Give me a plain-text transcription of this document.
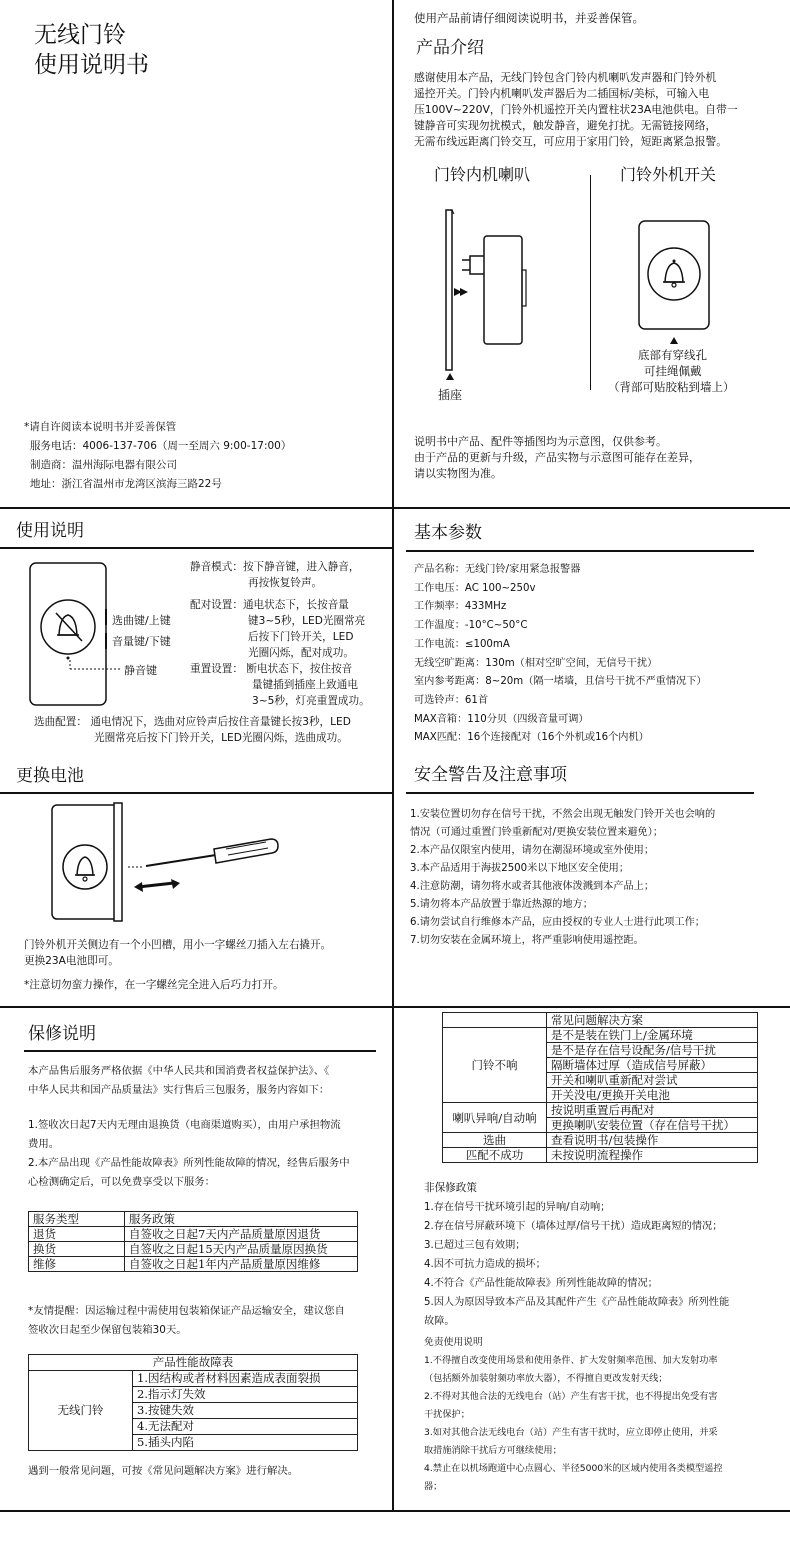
无线门铃
使用说明书
*请自许阅读本说明书并妥善保管
服务电话：4006-137-706（周一至周六 9:00-17:00）
制造商：温州海际电器有限公司
地址：浙江省温州市龙湾区滨海三路22号
使用产品前请仔细阅读说明书，并妥善保管。
产品介绍
感谢使用本产品，无线门铃包含门铃内机喇叭发声器和门铃外机
遥控开关。门铃内机喇叭发声器后为二插国标/美标，可输入电
压100V~220V，门铃外机遥控开关内置柱状23A电池供电。自带一
键静音可实现勿扰模式，触发静音，避免打扰。无需链接网络，
无需布线远距离门铃交互，可应用于家用门铃，短距离紧急报警。
门铃内机喇叭	门铃外机开关
插座
底部有穿线孔
可挂绳佩戴
（背部可贴胶粘到墙上）
说明书中产品、配件等插图均为示意图，仅供参考。
由于产品的更新与升级，产品实物与示意图可能存在差异，
请以实物图为准。
使用说明
选曲键/上键
音量键/下键
静音键
静音模式：按下静音键，进入静音，
再按恢复铃声。
配对设置：通电状态下，长按音量
键3~5秒，LED光圈常亮
后按下门铃开关，LED
光圈闪烁，配对成功。
重置设置： 断电状态下，按住按音
量键插到插座上致通电
3~5秒，灯亮重置成功。
选曲配置： 通电情况下，选曲对应铃声后按住音量键长按3秒，LED
光圈常亮后按下门铃开关，LED光圈闪烁，选曲成功。
更换电池
门铃外机开关侧边有一个小凹槽，用小一字螺丝刀插入左右撬开。
更换23A电池即可。
*注意切勿蛮力操作，在一字螺丝完全进入后巧力打开。
基本参数
产品名称：无线门铃/家用紧急报警器
工作电压：AC 100~250v
工作频率：433MHz
工作温度：-10°C~50°C
工作电流：≤100mA
无线空旷距离：130m（相对空旷空间，无信号干扰）
室内参考距离：8~20m（隔一堵墙，且信号干扰不严重情况下）
可选铃声：61首
MAX音箱：110分贝（四级音量可调）
MAX匹配：16个连接配对（16个外机或16个内机）
安全警告及注意事项
1.安装位置切勿存在信号干扰，不然会出现无触发门铃开关也会响的
情况（可通过重置门铃重新配对/更换安装位置来避免）；
2.本产品仅限室内使用，请勿在潮湿环境或室外使用；
3.本产品适用于海拔2500米以下地区安全使用；
4.注意防潮，请勿将水或者其他液体泼溅到本产品上；
5.请勿将本产品放置于靠近热源的地方；
6.请勿尝试自行维修本产品，应由授权的专业人士进行此项工作；
7.切勿安装在金属环境上，将严重影响使用遥控距。
保修说明
本产品售后服务严格依据《中华人民共和国消费者权益保护法》、《
中华人民共和国产品质量法》实行售后三包服务，服务内容如下：
1.签收次日起7天内无理由退换货（电商渠道购买），由用户承担物流
费用。
2.本产品出现《产品性能故障表》所列性能故障的情况，经售后服务中
心检测确定后，可以免费享受以下服务：
服务类型	服务政策
退货	自签收之日起7天内产品质量原因退货
换货	自签收之日起15天内产品质量原因换货
维修	自签收之日起1年内产品质量原因维修
*友情提醒：因运输过程中需使用包装箱保证产品运输安全，建议您自
签收次日起至少保留包装箱30天。
产品性能故障表
无线门铃	1.因结构或者材料因素造成表面裂损
2.指示灯失效
3.按键失效
4.无法配对
5.插头内陷
遇到一般常见问题，可按《常见问题解决方案》进行解决。
	常见问题解决方案
门铃不响	是不是装在铁门上/金属环境
	是不是存在信号设配务/信号干扰
	隔断墙体过厚（造成信号屏蔽）
	开关和喇叭重新配对尝试
	开关没电/更换开关电池
喇叭异响/自动响	按说明重置后再配对
	更换喇叭安装位置（存在信号干扰）
选曲	查看说明书/包装操作
匹配不成功	未按说明流程操作
非保修政策
1.存在信号干扰环境引起的异响/自动响；
2.存在信号屏蔽环境下（墙体过厚/信号干扰）造成距离短的情况；
3.已超过三包有效期；
4.因不可抗力造成的损坏；
4.不符合《产品性能故障表》所列性能故障的情况；
5.因人为原因导致本产品及其配件产生《产品性能故障表》所列性能
故障。
免责使用说明
1.不得擅自改变使用场景和使用条件、扩大发射频率范围、加大发射功率
（包括额外加装射频功率放大器），不得擅自更改发射天线；
2.不得对其他合法的无线电台（站）产生有害干扰，也不得提出免受有害
干扰保护；
3.如对其他合法无线电台（站）产生有害干扰时，应立即停止使用，并采
取措施消除干扰后方可继续使用；
4.禁止在以机场跑道中心点圆心、半径5000米的区域内使用各类模型遥控
器；
